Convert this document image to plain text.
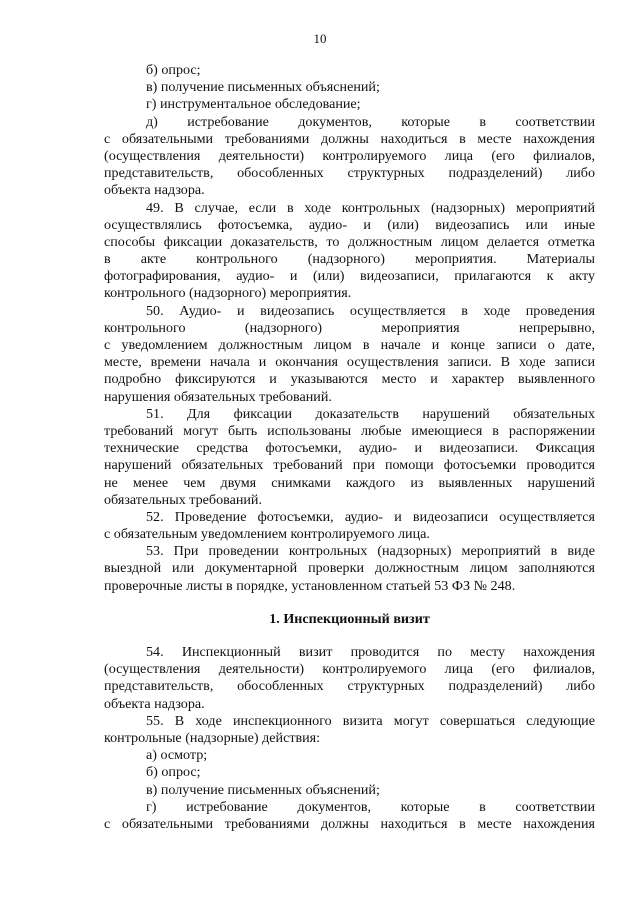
10
б) опрос;
в) получение письменных объяснений;
г) инструментальное обследование;
д) истребование документов, которые в соответствии
с обязательными требованиями должны находиться в месте нахождения
(осуществления деятельности) контролируемого лица (его филиалов,
представительств, обособленных структурных подразделений) либо
объекта надзора.
49. В случае, если в ходе контрольных (надзорных) мероприятий
осуществлялись фотосъемка, аудио- и (или) видеозапись или иные
способы фиксации доказательств, то должностным лицом делается отметка
в акте контрольного (надзорного) мероприятия. Материалы
фотографирования, аудио- и (или) видеозаписи, прилагаются к акту
контрольного (надзорного) мероприятия.
50. Аудио- и видеозапись осуществляется в ходе проведения
контрольного (надзорного) мероприятия непрерывно,
с уведомлением должностным лицом в начале и конце записи о дате,
месте, времени начала и окончания осуществления записи. В ходе записи
подробно фиксируются и указываются место и характер выявленного
нарушения обязательных требований.
51. Для фиксации доказательств нарушений обязательных
требований могут быть использованы любые имеющиеся в распоряжении
технические средства фотосъемки, аудио- и видеозаписи. Фиксация
нарушений обязательных требований при помощи фотосъемки проводится
не менее чем двумя снимками каждого из выявленных нарушений
обязательных требований.
52. Проведение фотосъемки, аудио- и видеозаписи осуществляется
с обязательным уведомлением контролируемого лица.
53. При проведении контрольных (надзорных) мероприятий в виде
выездной или документарной проверки должностным лицом заполняются
проверочные листы в порядке, установленном статьей 53 ФЗ № 248.
1. Инспекционный визит
54. Инспекционный визит проводится по месту нахождения
(осуществления деятельности) контролируемого лица (его филиалов,
представительств, обособленных структурных подразделений) либо
объекта надзора.
55. В ходе инспекционного визита могут совершаться следующие
контрольные (надзорные) действия:
а) осмотр;
б) опрос;
в) получение письменных объяснений;
г) истребование документов, которые в соответствии
с обязательными требованиями должны находиться в месте нахождения
